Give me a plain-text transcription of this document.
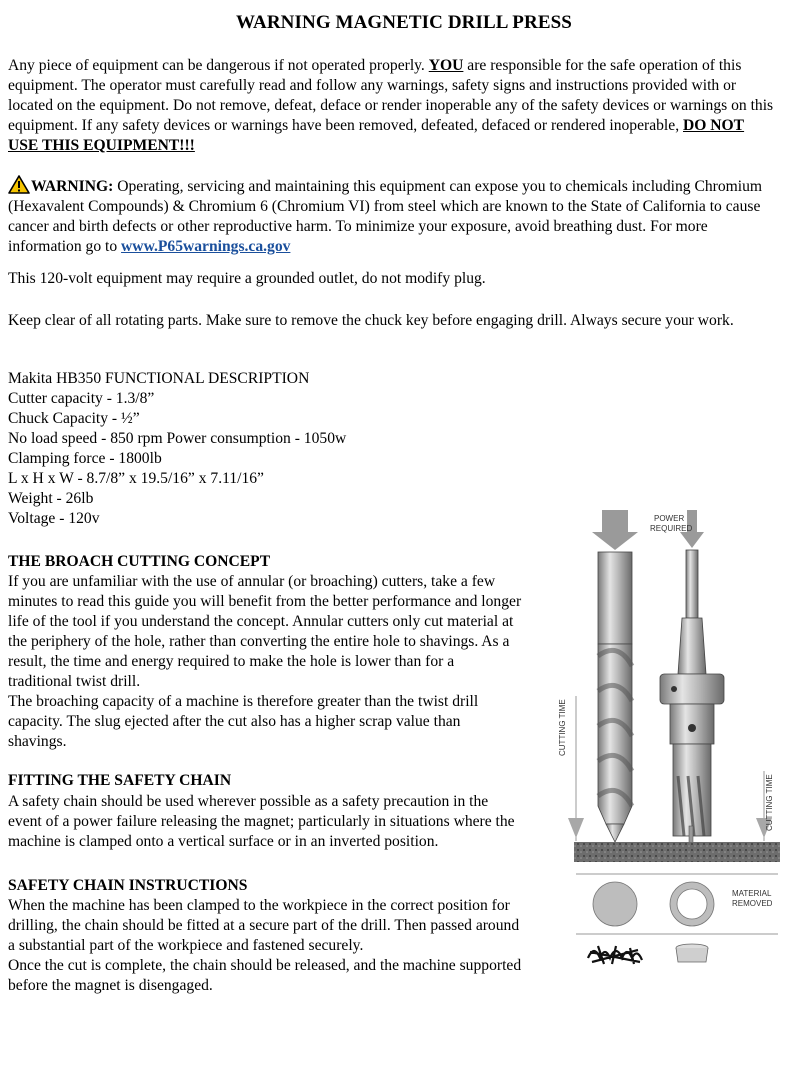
WARNING MAGNETIC DRILL PRESS

Any piece of equipment can be dangerous if not operated properly. YOU are responsible for the safe operation of this equipment. The operator must carefully read and follow any warnings, safety signs and instructions provided with or located on the equipment. Do not remove, defeat, deface or render inoperable any of the safety devices or warnings on this equipment. If any safety devices or warnings have been removed, defeated, defaced or rendered inoperable, DO NOT USE THIS EQUIPMENT!!!

WARNING: Operating, servicing and maintaining this equipment can expose you to chemicals including Chromium (Hexavalent Compounds) & Chromium 6 (Chromium VI) from steel which are known to the State of California to cause cancer and birth defects or other reproductive harm. To minimize your exposure, avoid breathing dust. For more information go to www.P65warnings.ca.gov

This 120-volt equipment may require a grounded outlet, do not modify plug.

Keep clear of all rotating parts. Make sure to remove the chuck key before engaging drill. Always secure your work.

Makita HB350 FUNCTIONAL DESCRIPTION
Cutter capacity - 1.3/8”
Chuck Capacity - ½”
No load speed - 850 rpm Power consumption - 1050w
Clamping force - 1800lb
L x H x W - 8.7/8” x 19.5/16” x 7.11/16”
Weight - 26lb
Voltage - 120v
THE BROACH CUTTING CONCEPT

If you are unfamiliar with the use of annular (or broaching) cutters, take a few minutes to read this guide you will benefit from the better performance and longer life of the tool if you understand the concept. Annular cutters only cut material at the periphery of the hole, rather than converting the entire hole to shavings. As a result, the time and energy required to make the hole is lower than for a traditional twist drill.
The broaching capacity of a machine is therefore greater than the twist drill capacity. The slug ejected after the cut also has a higher scrap value than shavings.

FITTING THE SAFETY CHAIN

A safety chain should be used wherever possible as a safety precaution in the event of a power failure releasing the magnet; particularly in situations where the machine is clamped onto a vertical surface or in an inverted position.

SAFETY CHAIN INSTRUCTIONS

When the machine has been clamped to the workpiece in the correct position for drilling, the chain should be fitted at a secure part of the drill. Then passed around a substantial part of the workpiece and fastened securely.
Once the cut is complete, the chain should be released, and the machine supported before the magnet is disengaged.

POWER
REQUIRED
CUTTING TIME
CUTTING TIME
MATERIAL
REMOVED
